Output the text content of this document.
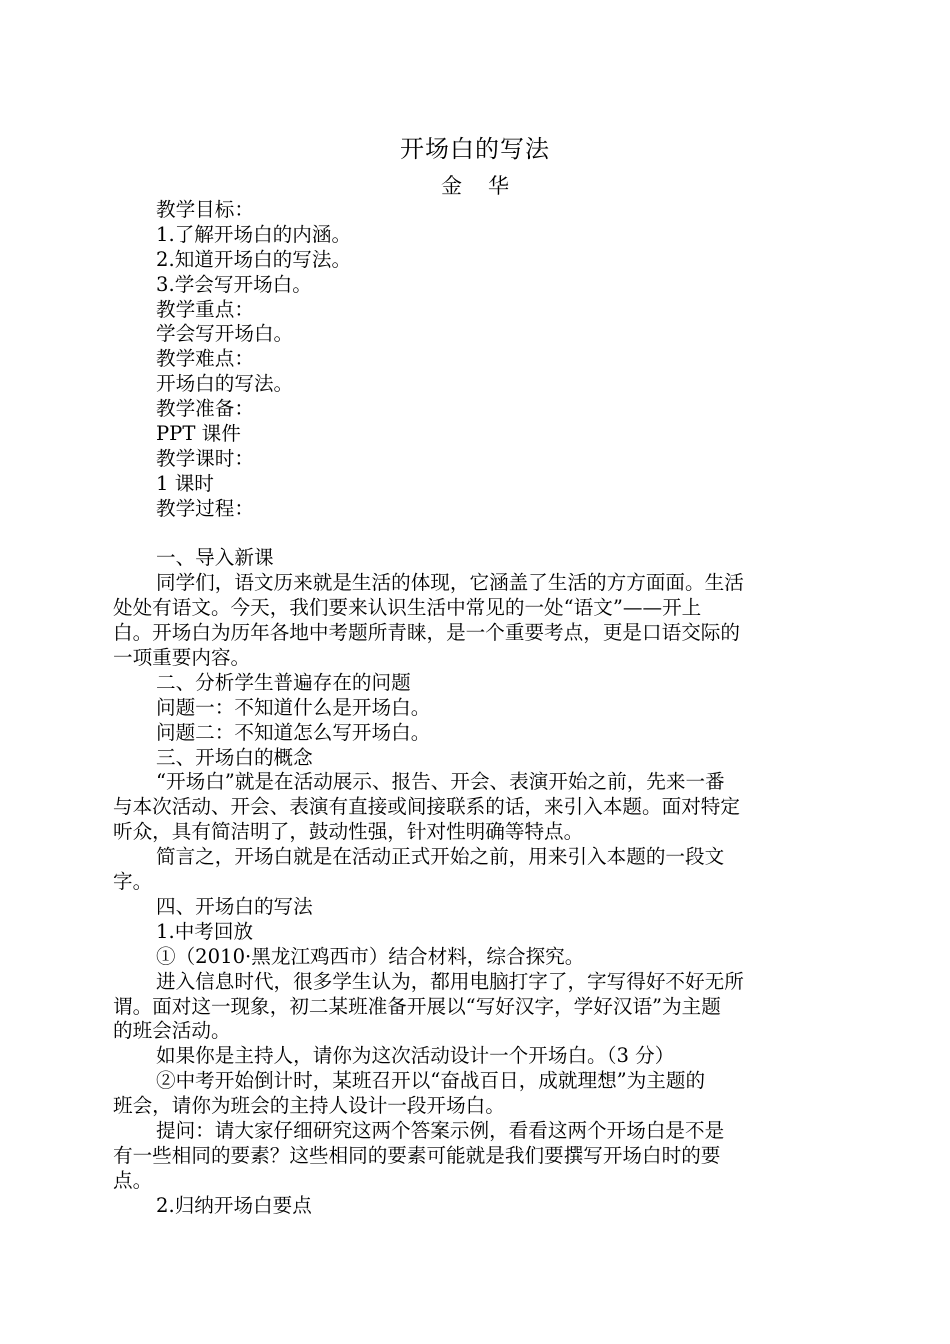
开场白的写法
金 华
教学目标：
1.了解开场白的内涵。
2.知道开场白的写法。
3.学会写开场白。
教学重点：
学会写开场白。
教学难点：
开场白的写法。
教学准备：
PPT 课件
教学课时：
1 课时
教学过程：
一、导入新课
同学们，语文历来就是生活的体现，它涵盖了生活的方方面面。生活
处处有语文。今天，我们要来认识生活中常见的一处“语文”——开上
白。开场白为历年各地中考题所青睐，是一个重要考点，更是口语交际的
一项重要内容。
二、分析学生普遍存在的问题
问题一：不知道什么是开场白。
问题二：不知道怎么写开场白。
三、开场白的概念
“开场白”就是在活动展示、报告、开会、表演开始之前，先来一番
与本次活动、开会、表演有直接或间接联系的话，来引入本题。面对特定
听众，具有简洁明了，鼓动性强，针对性明确等特点。
简言之，开场白就是在活动正式开始之前，用来引入本题的一段文
字。
四、开场白的写法
1.中考回放
①（2010·黑龙江鸡西市）结合材料，综合探究。
进入信息时代，很多学生认为，都用电脑打字了，字写得好不好无所
谓。面对这一现象，初二某班准备开展以“写好汉字，学好汉语”为主题
的班会活动。
如果你是主持人，请你为这次活动设计一个开场白。（3 分）
②中考开始倒计时，某班召开以“奋战百日，成就理想”为主题的
班会，请你为班会的主持人设计一段开场白。
提问：请大家仔细研究这两个答案示例，看看这两个开场白是不是
有一些相同的要素？这些相同的要素可能就是我们要撰写开场白时的要
点。
2.归纳开场白要点
